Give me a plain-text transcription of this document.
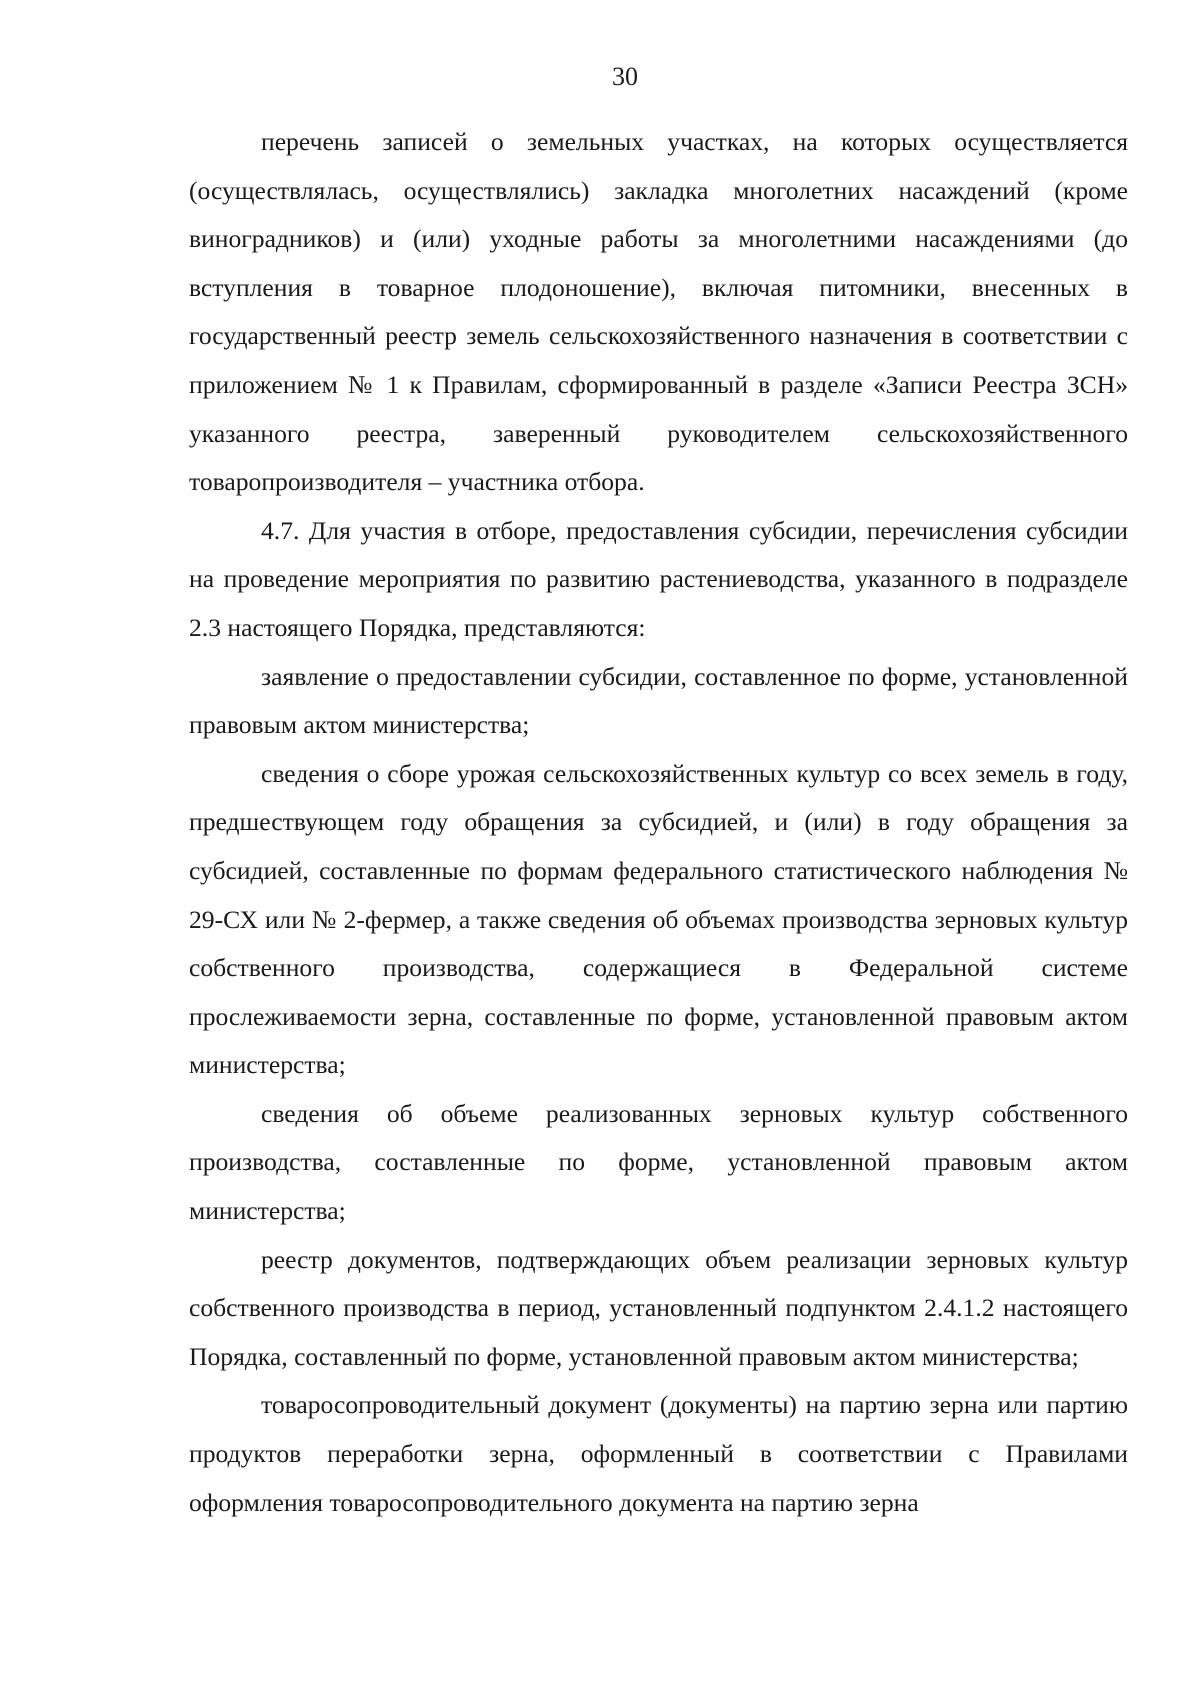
30

перечень записей о земельных участках, на которых осуществляется (осуществлялась, осуществлялись) закладка многолетних насаждений (кроме виноградников) и (или) уходные работы за многолетними насаждениями (до вступления в товарное плодоношение), включая питомники, внесенных в государственный реестр земель сельскохозяйственного назначения в соответствии с приложением № 1 к Правилам, сформированный в разделе «Записи Реестра ЗСН» указанного реестра, заверенный руководителем сельскохозяйственного товаропроизводителя – участника отбора.

4.7. Для участия в отборе, предоставления субсидии, перечисления субсидии на проведение мероприятия по развитию растениеводства, указанного в подразделе 2.3 настоящего Порядка, представляются:

заявление о предоставлении субсидии, составленное по форме, установленной правовым актом министерства;

сведения о сборе урожая сельскохозяйственных культур со всех земель в году, предшествующем году обращения за субсидией, и (или) в году обращения за субсидией, составленные по формам федерального статистического наблюдения № 29-СХ или № 2-фермер, а также сведения об объемах производства зерновых культур собственного производства, содержащиеся в Федеральной системе прослеживаемости зерна, составленные по форме, установленной правовым актом министерства;

сведения об объеме реализованных зерновых культур собственного производства, составленные по форме, установленной правовым актом министерства;

реестр документов, подтверждающих объем реализации зерновых культур собственного производства в период, установленный подпунктом 2.4.1.2 настоящего Порядка, составленный по форме, установленной правовым актом министерства;

товаросопроводительный документ (документы) на партию зерна или партию продуктов переработки зерна, оформленный в соответствии с Правилами оформления товаросопроводительного документа на партию зерна
